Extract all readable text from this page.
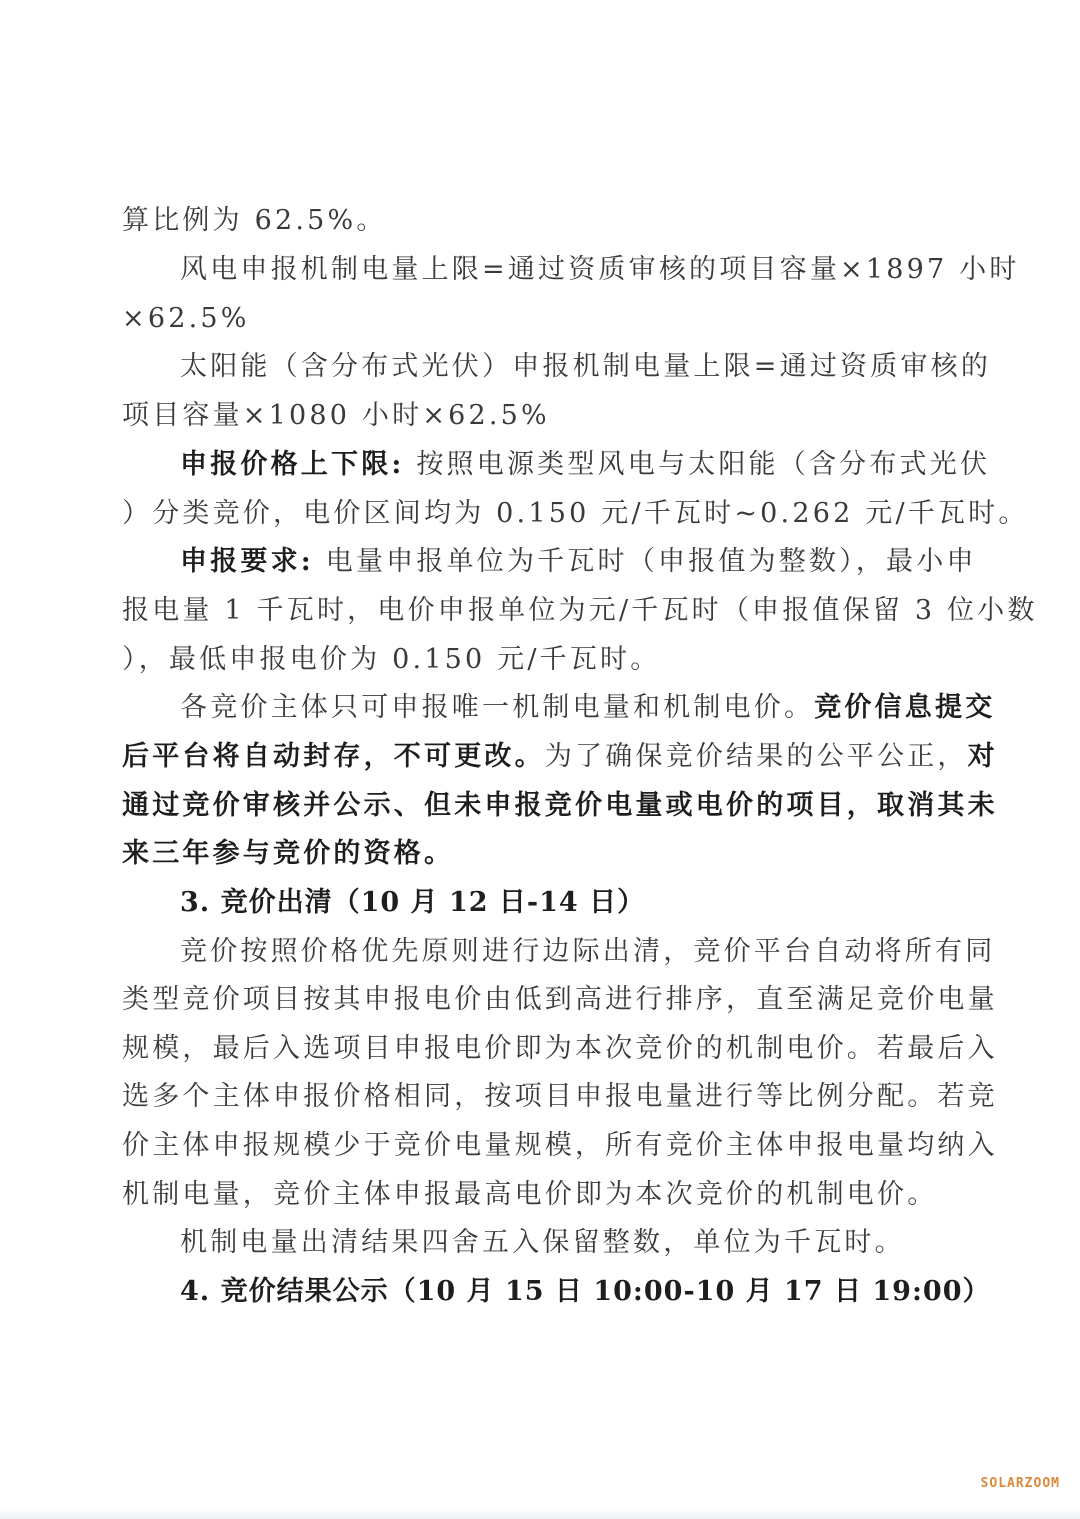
算比例为 62.5%。
风电申报机制电量上限=通过资质审核的项目容量×1897 小时
×62.5%
太阳能（含分布式光伏）申报机制电量上限=通过资质审核的
项目容量×1080 小时×62.5%
申报价格上下限: 按照电源类型风电与太阳能（含分布式光伏
）分类竞价，电价区间均为 0.150 元/千瓦时~0.262 元/千瓦时。
申报要求: 电量申报单位为千瓦时（申报值为整数），最小申
报电量 1 千瓦时，电价申报单位为元/千瓦时（申报值保留 3 位小数
），最低申报电价为 0.150 元/千瓦时。
各竞价主体只可申报唯一机制电量和机制电价。竞价信息提交
后平台将自动封存，不可更改。为了确保竞价结果的公平公正，对
通过竞价审核并公示、但未申报竞价电量或电价的项目，取消其未
来三年参与竞价的资格。
3. 竞价出清（10 月 12 日-14 日）
竞价按照价格优先原则进行边际出清，竞价平台自动将所有同
类型竞价项目按其申报电价由低到高进行排序，直至满足竞价电量
规模，最后入选项目申报电价即为本次竞价的机制电价。若最后入
选多个主体申报价格相同，按项目申报电量进行等比例分配。若竞
价主体申报规模少于竞价电量规模，所有竞价主体申报电量均纳入
机制电量，竞价主体申报最高电价即为本次竞价的机制电价。
机制电量出清结果四舍五入保留整数，单位为千瓦时。
4. 竞价结果公示（10 月 15 日 10:00-10 月 17 日 19:00）
SOLARZOOM
